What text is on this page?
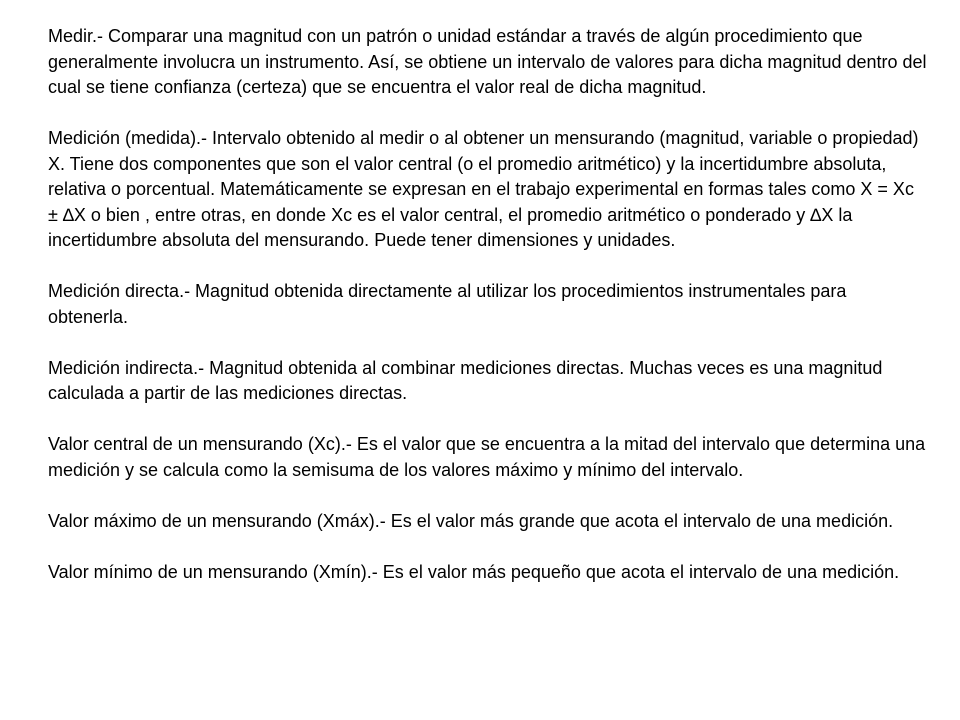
Medir.- Comparar una magnitud con un patrón o unidad estándar a través de algún procedimiento que generalmente involucra un instrumento. Así, se obtiene un intervalo de valores para dicha magnitud dentro del cual se tiene confianza (certeza) que se encuentra el valor real de dicha magnitud.

Medición (medida).- Intervalo obtenido al medir o al obtener un mensurando (magnitud, variable o propiedad) X. Tiene dos componentes que son el valor central (o el promedio aritmético) y la incertidumbre absoluta, relativa o porcentual. Matemáticamente se expresan en el trabajo experimental en formas tales como X = Xc ± ∆X o bien , entre otras, en donde Xc es el valor central, el promedio aritmético o ponderado y ∆X la incertidumbre absoluta del mensurando. Puede tener dimensiones y unidades.

Medición directa.- Magnitud obtenida directamente al utilizar los procedimientos instrumentales para obtenerla.

Medición indirecta.- Magnitud obtenida al combinar mediciones directas. Muchas veces es una magnitud calculada a partir de las mediciones directas.

Valor central de un mensurando (Xc).- Es el valor que se encuentra a la mitad del intervalo que determina una medición y se calcula como la semisuma de los valores máximo y mínimo del intervalo.

Valor máximo de un mensurando (Xmáx).- Es el valor más grande que acota el intervalo de una medición.

Valor mínimo de un mensurando (Xmín).- Es el valor más pequeño que acota el intervalo de una medición.
